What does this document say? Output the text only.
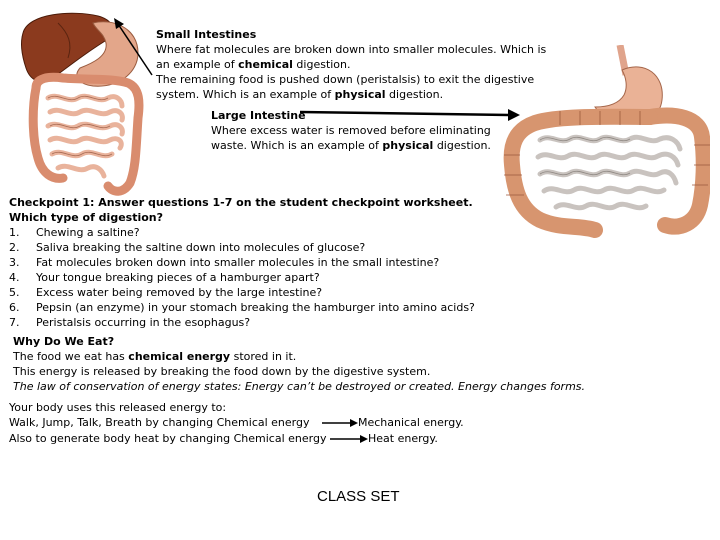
Small Intestines
Where fat molecules are broken down into smaller molecules. Which is
an example of chemical digestion.
The remaining food is pushed down (peristalsis) to exit the digestive
system. Which is an example of physical digestion.
Large Intestine
Where excess water is removed before eliminating
waste. Which is an example of physical digestion.
Checkpoint 1: Answer questions 1-7 on the student checkpoint worksheet.
Which type of digestion?
1.	Chewing a saltine?
2.	Saliva breaking the saltine down into molecules of glucose?
3.	Fat molecules broken down into smaller molecules in the small intestine?
4.	Your tongue breaking pieces of a hamburger apart?
5.	Excess water being removed by the large intestine?
6.	Pepsin (an enzyme) in your stomach breaking the hamburger into amino acids?
7.	Peristalsis occurring in the esophagus?
Why Do We Eat?
The food we eat has chemical energy stored in it.
This energy is released by breaking the food down by the digestive system.
The law of conservation of energy states: Energy can’t be destroyed or created. Energy changes forms.
Your body uses this released energy to:
Walk, Jump, Talk, Breath by changing Chemical energy	Mechanical energy.
Also to generate body heat by changing Chemical energy	Heat energy.
CLASS SET
